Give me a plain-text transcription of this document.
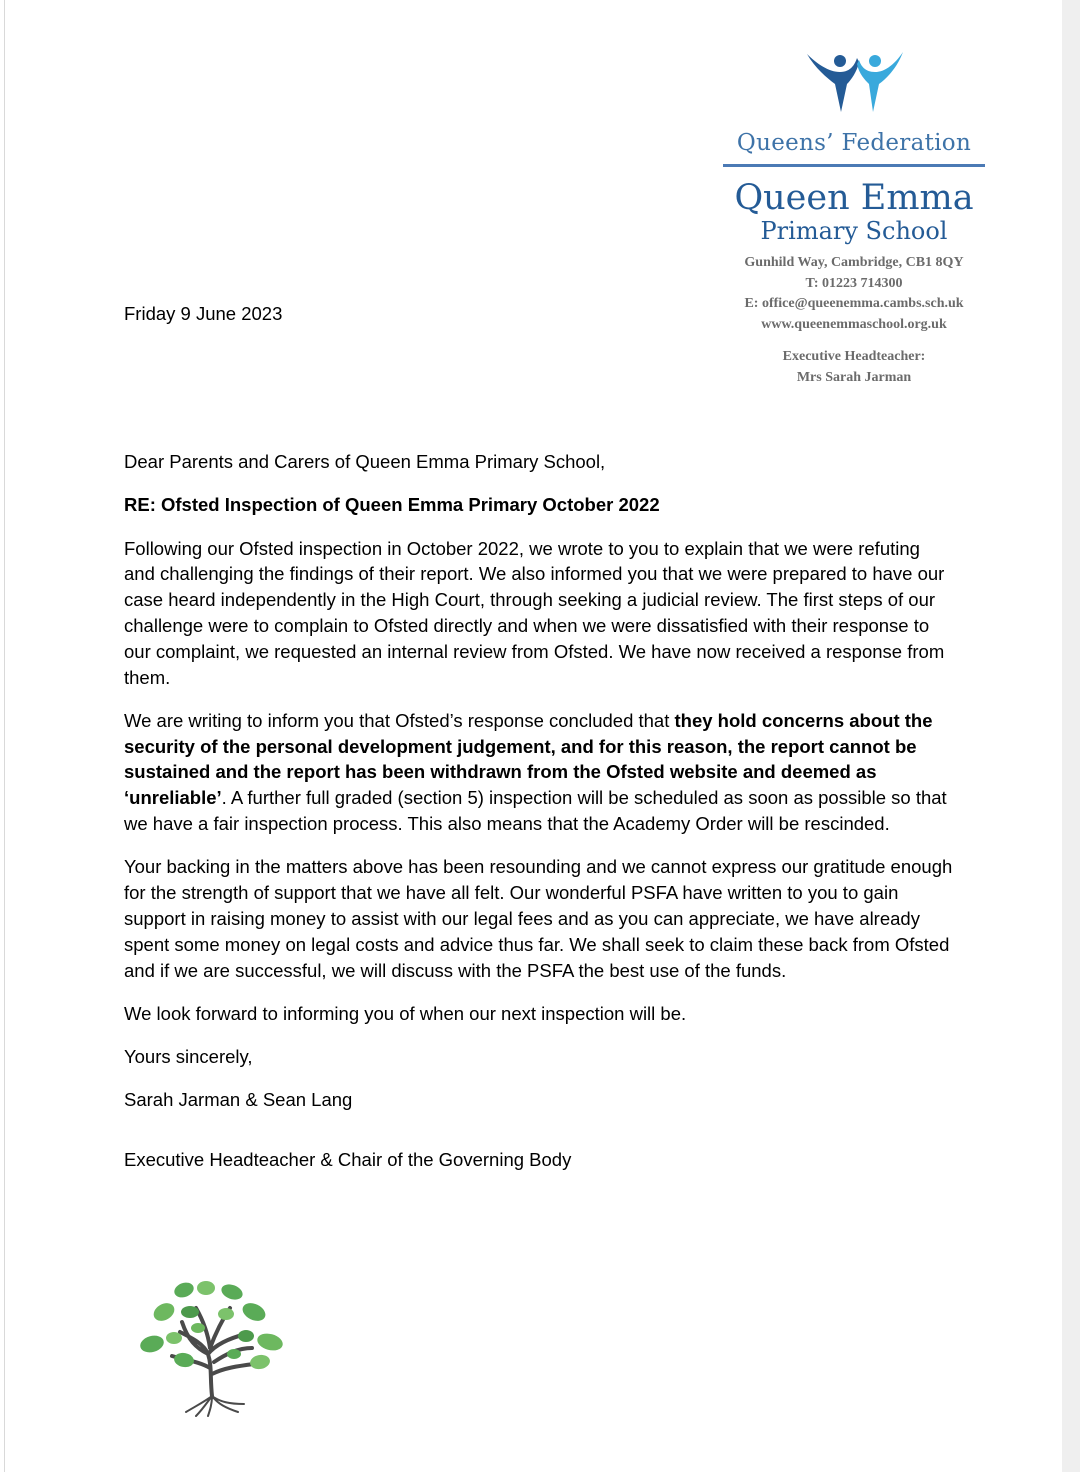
Queens’ Federation
Queen Emma
Primary School
Gunhild Way, Cambridge, CB1 8QY
T: 01223 714300
E: office@queenemma.cambs.sch.uk
www.queenemmaschool.org.uk
Executive Headteacher:
Mrs Sarah Jarman
Friday 9 June 2023

Dear Parents and Carers of Queen Emma Primary School,

RE: Ofsted Inspection of Queen Emma Primary October 2022

Following our Ofsted inspection in October 2022, we wrote to you to explain that we were refuting and challenging the findings of their report. We also informed you that we were prepared to have our case heard independently in the High Court, through seeking a judicial review. The first steps of our challenge were to complain to Ofsted directly and when we were dissatisfied with their response to our complaint, we requested an internal review from Ofsted. We have now received a response from them.

We are writing to inform you that Ofsted’s response concluded that they hold concerns about the security of the personal development judgement, and for this reason, the report cannot be sustained and the report has been withdrawn from the Ofsted website and deemed as ‘unreliable’. A further full graded (section 5) inspection will be scheduled as soon as possible so that we have a fair inspection process. This also means that the Academy Order will be rescinded.

Your backing in the matters above has been resounding and we cannot express our gratitude enough for the strength of support that we have all felt. Our wonderful PSFA have written to you to gain support in raising money to assist with our legal fees and as you can appreciate, we have already spent some money on legal costs and advice thus far. We shall seek to claim these back from Ofsted and if we are successful, we will discuss with the PSFA the best use of the funds.

We look forward to informing you of when our next inspection will be.

Yours sincerely,

Sarah Jarman & Sean Lang

Executive Headteacher & Chair of the Governing Body
